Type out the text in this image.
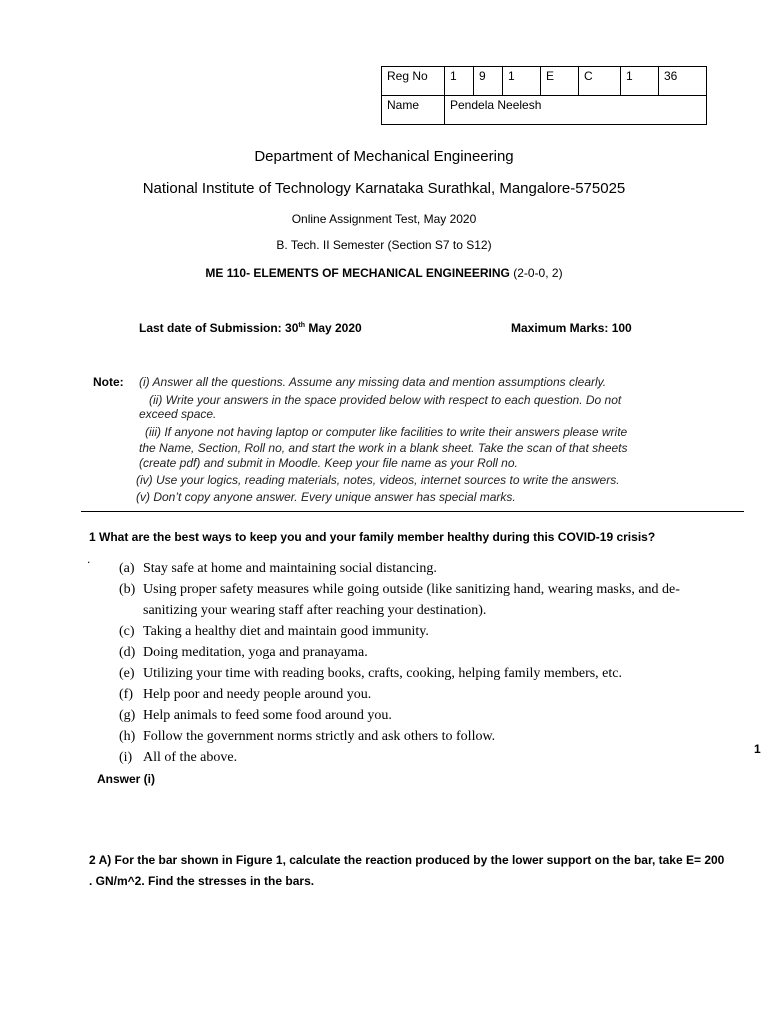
Reg No	1	9	1	E	C	1	36
Name	Pendela Neelesh						
Department of Mechanical Engineering
National Institute of Technology Karnataka Surathkal, Mangalore-575025
Online Assignment Test, May 2020
B. Tech. II Semester (Section S7 to S12)
ME 110- ELEMENTS OF MECHANICAL ENGINEERING (2-0-0, 2)
Last date of Submission: 30th May 2020	Maximum Marks: 100
Note: (i) Answer all the questions. Assume any missing data and mention assumptions clearly.
(ii) Write your answers in the space provided below with respect to each question. Do not
exceed space.
(iii) If anyone not having laptop or computer like facilities to write their answers please write
the Name, Section, Roll no, and start the work in a blank sheet. Take the scan of that sheets
(create pdf) and submit in Moodle. Keep your file name as your Roll no.
(iv) Use your logics, reading materials, notes, videos, internet sources to write the answers.
(v) Don’t copy anyone answer. Every unique answer has special marks.
1 What are the best ways to keep you and your family member healthy during this COVID-19 crisis?
.
(a) Stay safe at home and maintaining social distancing.
(b) Using proper safety measures while going outside (like sanitizing hand, wearing masks, and de-
sanitizing your wearing staff after reaching your destination).
(c) Taking a healthy diet and maintain good immunity.
(d) Doing meditation, yoga and pranayama.
(e) Utilizing your time with reading books, crafts, cooking, helping family members, etc.
(f) Help poor and needy people around you.
(g) Help animals to feed some food around you.
(h) Follow the government norms strictly and ask others to follow.
(i) All of the above.
1
Answer (i)
2 A) For the bar shown in Figure 1, calculate the reaction produced by the lower support on the bar, take E= 200
. GN/m^2. Find the stresses in the bars.
